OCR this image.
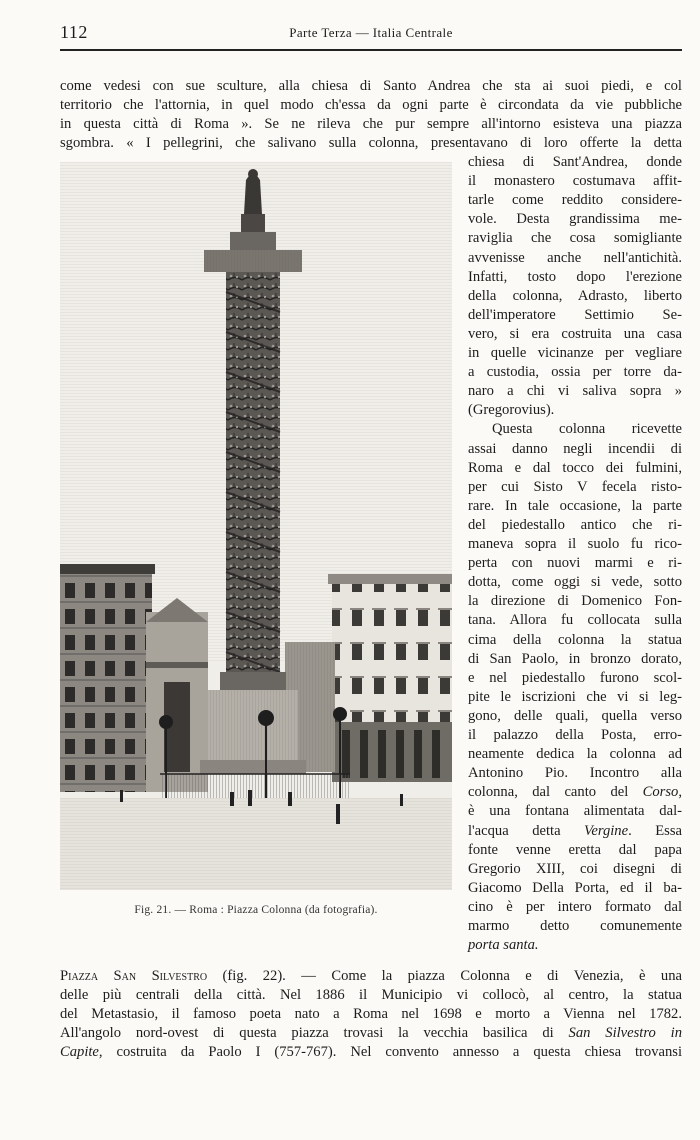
112	Parte Terza — Italia Centrale
come vedesi con sue sculture, alla chiesa di Santo Andrea che sta ai suoi piedi, e col
territorio che l'attornia, in quel modo ch'essa da ogni parte è circondata da vie pubbliche
in questa città di Roma ». Se ne rileva che pur sempre all'intorno esisteva una piazza
sgombra. « I pellegrini, che salivano sulla colonna, presentavano di loro offerte la detta
chiesa di Sant'Andrea, donde
il monastero costumava affit-
tarle come reddito considere-
vole. Desta grandissima me-
raviglia che cosa somigliante
avvenisse anche nell'antichità.
Infatti, tosto dopo l'erezione
della colonna, Adrasto, liberto
dell'imperatore Settimio Se-
vero, si era costruita una casa
in quelle vicinanze per vegliare
a custodia, ossia per torre da-
naro a chi vi saliva sopra »
(Gregorovius).
Questa colonna ricevette
assai danno negli incendii di
Roma e dal tocco dei fulmini,
per cui Sisto V fecela risto-
rare. In tale occasione, la parte
del piedestallo antico che ri-
maneva sopra il suolo fu rico-
perta con nuovi marmi e ri-
dotta, come oggi si vede, sotto
la direzione di Domenico Fon-
tana. Allora fu collocata sulla
cima della colonna la statua
di San Paolo, in bronzo dorato,
e nel piedestallo furono scol-
pite le iscrizioni che vi si leg-
gono, delle quali, quella verso
il palazzo della Posta, erro-
neamente dedica la colonna ad
Antonino Pio. Incontro alla
colonna, dal canto del Corso,
è una fontana alimentata dal-
l'acqua detta Vergine. Essa
fonte venne eretta dal papa
Gregorio XIII, coi disegni di
Giacomo Della Porta, ed il ba-
cino è per intero formato dal
marmo detto comunemente
porta santa.
Fig. 21. — Roma : Piazza Colonna (da fotografia).
Piazza San Silvestro (fig. 22). — Come la piazza Colonna e di Venezia, è una
delle più centrali della città. Nel 1886 il Municipio vi collocò, al centro, la statua
del Metastasio, il famoso poeta nato a Roma nel 1698 e morto a Vienna nel 1782.
All'angolo nord-ovest di questa piazza trovasi la vecchia basilica di San Silvestro in
Capite, costruita da Paolo I (757-767). Nel convento annesso a questa chiesa trovansi
